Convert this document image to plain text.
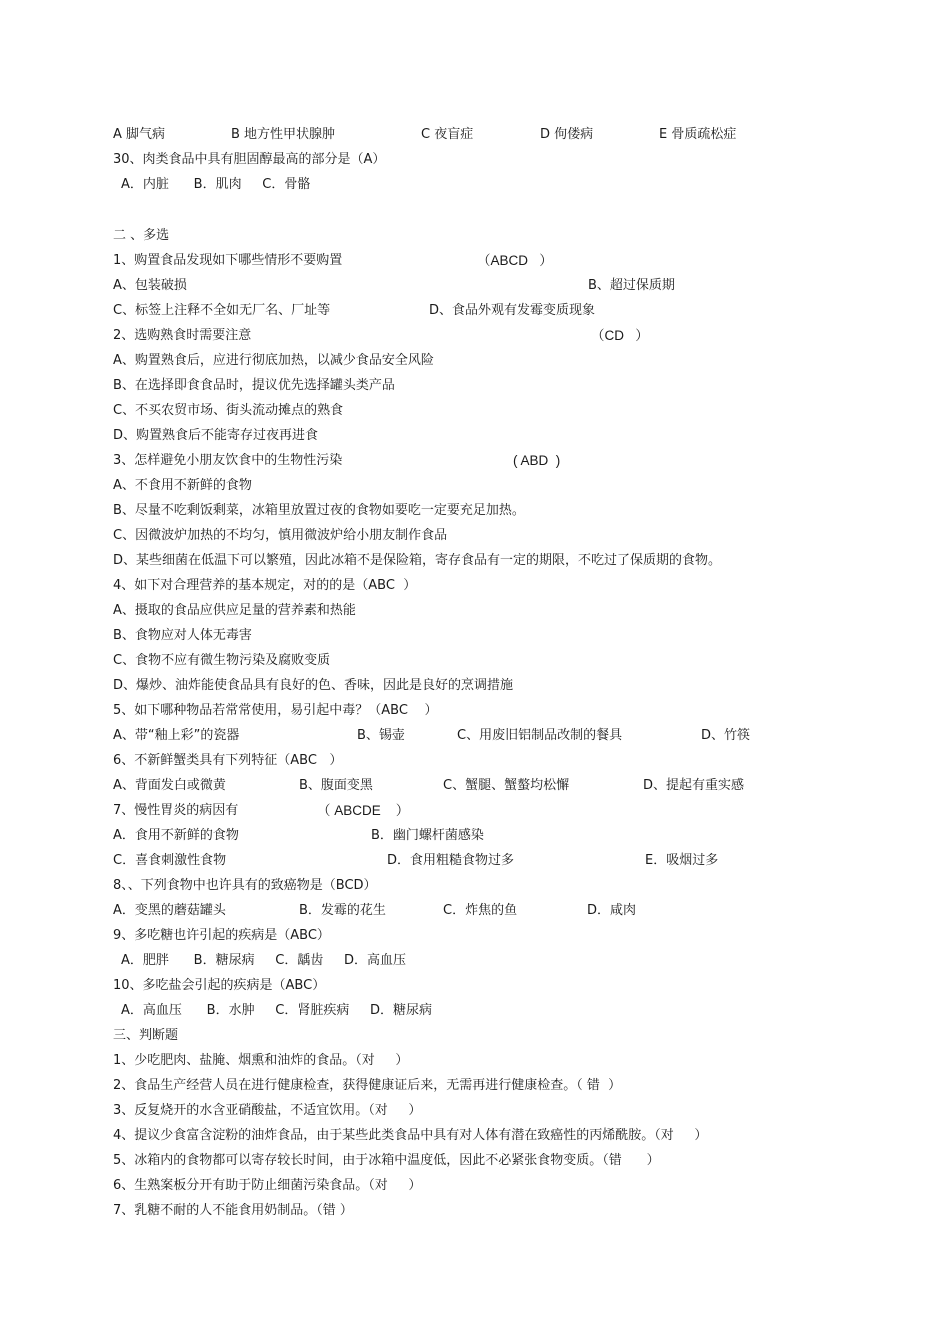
A 脚气病	B 地方性甲状腺肿	C 夜盲症	D 佝偻病	E 骨质疏松症
30、肉类食品中具有胆固醇最高的部分是（A）
A．内脏      B．肌肉     C．骨骼
二 、多选
1、购置食品发现如下哪些情形不要购置	（ABCD   ）
A、包装破损	B、超过保质期
C、标签上注释不全如无厂名、厂址等	D、食品外观有发霉变质现象
2、选购熟食时需要注意	（CD   ）
A、购置熟食后，应进行彻底加热，以减少食品安全风险
B、在选择即食食品时，提议优先选择罐头类产品
C、不买农贸市场、街头流动摊点的熟食
D、购置熟食后不能寄存过夜再进食
3、怎样避免小朋友饮食中的生物性污染	( ABD  )
A、不食用不新鲜的食物
B、尽量不吃剩饭剩菜，冰箱里放置过夜的食物如要吃一定要充足加热。
C、因微波炉加热的不均匀，慎用微波炉给小朋友制作食品
D、某些细菌在低温下可以繁殖，因此冰箱不是保险箱，寄存食品有一定的期限，不吃过了保质期的食物。
4、如下对合理营养的基本规定，对的的是（ABC  ）
A、摄取的食品应供应足量的营养素和热能
B、食物应对人体无毒害
C、食物不应有微生物污染及腐败变质
D、爆炒、油炸能使食品具有良好的色、香味，因此是良好的烹调措施
5、如下哪种物品若常常使用，易引起中毒？（ABC    ）
A、带“釉上彩”的瓷器	B、锡壶	C、用废旧铝制品改制的餐具	D、竹筷
6、不新鲜蟹类具有下列特征（ABC   ）
A、背面发白或微黄	B、腹面变黑	C、蟹腿、蟹螯均松懈	D、提起有重实感
7、慢性胃炎的病因有	（ ABCDE    ）
A．食用不新鲜的食物	B．幽门螺杆菌感染
C．喜食刺激性食物	D．食用粗糙食物过多	E．吸烟过多
8、、下列食物中也许具有的致癌物是（BCD）
A．变黑的蘑菇罐头	B．发霉的花生	C．炸焦的鱼	D．咸肉
9、多吃糖也许引起的疾病是（ABC）
A．肥胖      B．糖尿病     C．龋齿     D．高血压
10、多吃盐会引起的疾病是（ABC）
A．高血压      B．水肿     C．肾脏疾病     D．糖尿病
三、判断题
1、少吃肥肉、盐腌、烟熏和油炸的食品。（对     ）
2、食品生产经营人员在进行健康检查，获得健康证后来，无需再进行健康检查。（ 错  ）
3、反复烧开的水含亚硝酸盐，不适宜饮用。（对     ）
4、提议少食富含淀粉的油炸食品，由于某些此类食品中具有对人体有潜在致癌性的丙烯酰胺。（对     ）
5、冰箱内的食物都可以寄存较长时间，由于冰箱中温度低，因此不必紧张食物变质。（错      ）
6、生熟案板分开有助于防止细菌污染食品。（对     ）
7、乳糖不耐的人不能食用奶制品。（错 ）
